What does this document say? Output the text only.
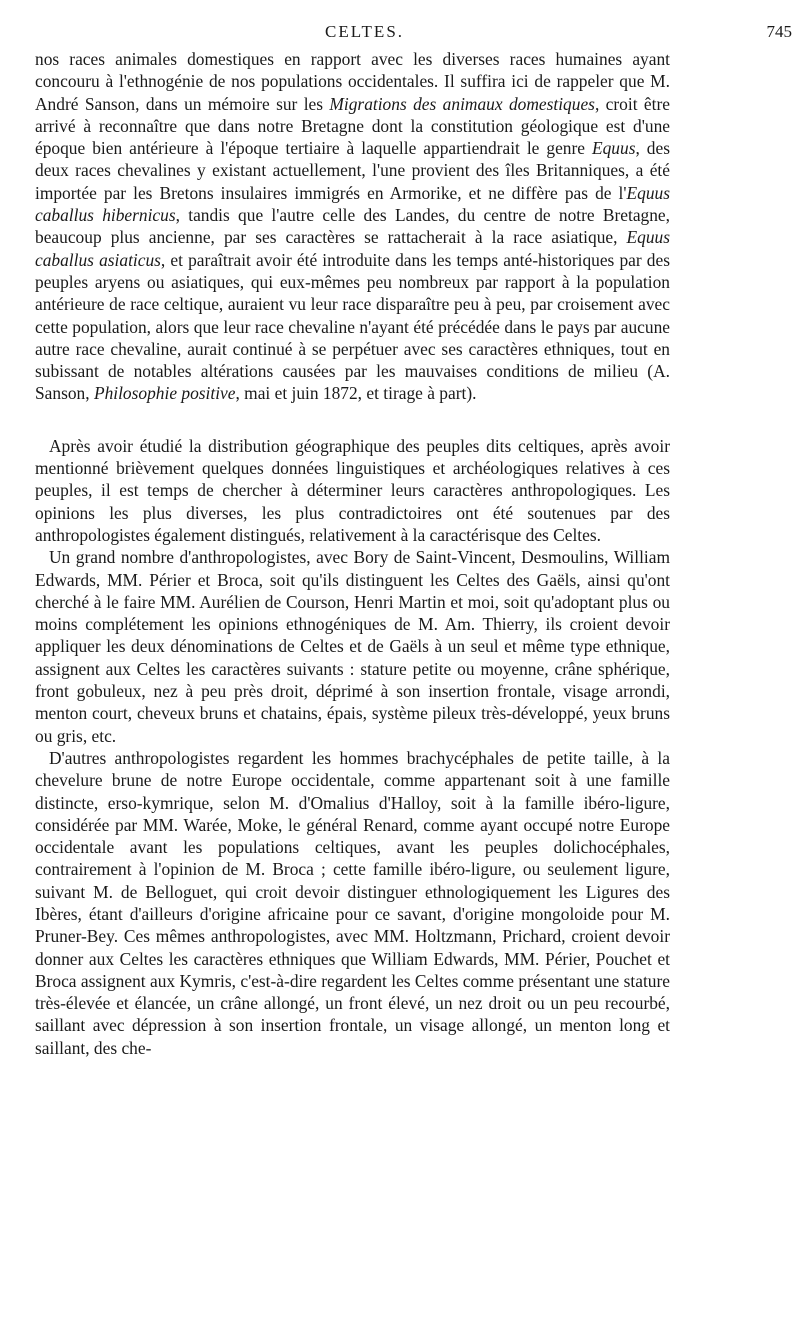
CELTES.	745

nos races animales domestiques en rapport avec les diverses races humaines ayant concouru à l'ethnogénie de nos populations occidentales. Il suffira ici de rappeler que M. André Sanson, dans un mémoire sur les Migrations des animaux domestiques, croit être arrivé à reconnaître que dans notre Bretagne dont la constitution géologique est d'une époque bien antérieure à l'époque tertiaire à laquelle appartiendrait le genre Equus, des deux races chevalines y existant actuellement, l'une provient des îles Britanniques, a été importée par les Bretons insulaires immigrés en Armorike, et ne diffère pas de l'Equus caballus hibernicus, tandis que l'autre celle des Landes, du centre de notre Bretagne, beaucoup plus ancienne, par ses caractères se rattacherait à la race asiatique, Equus caballus asiaticus, et paraîtrait avoir été introduite dans les temps anté-historiques par des peuples aryens ou asiatiques, qui eux-mêmes peu nombreux par rapport à la population antérieure de race celtique, auraient vu leur race disparaître peu à peu, par croisement avec cette population, alors que leur race chevaline n'ayant été précédée dans le pays par aucune autre race chevaline, aurait continué à se perpétuer avec ses caractères ethniques, tout en subissant de notables altérations causées par les mauvaises conditions de milieu (A. Sanson, Philosophie positive, mai et juin 1872, et tirage à part).

Après avoir étudié la distribution géographique des peuples dits celtiques, après avoir mentionné brièvement quelques données linguistiques et archéologiques relatives à ces peuples, il est temps de chercher à déterminer leurs caractères anthropologiques. Les opinions les plus diverses, les plus contradictoires ont été soutenues par des anthropologistes également distingués, relativement à la caractérisque des Celtes.

Un grand nombre d'anthropologistes, avec Bory de Saint-Vincent, Desmoulins, William Edwards, MM. Périer et Broca, soit qu'ils distinguent les Celtes des Gaëls, ainsi qu'ont cherché à le faire MM. Aurélien de Courson, Henri Martin et moi, soit qu'adoptant plus ou moins complétement les opinions ethnogéniques de M. Am. Thierry, ils croient devoir appliquer les deux dénominations de Celtes et de Gaëls à un seul et même type ethnique, assignent aux Celtes les caractères suivants : stature petite ou moyenne, crâne sphérique, front gobuleux, nez à peu près droit, déprimé à son insertion frontale, visage arrondi, menton court, cheveux bruns et chatains, épais, système pileux très-développé, yeux bruns ou gris, etc.

D'autres anthropologistes regardent les hommes brachycéphales de petite taille, à la chevelure brune de notre Europe occidentale, comme appartenant soit à une famille distincte, erso-kymrique, selon M. d'Omalius d'Halloy, soit à la famille ibéro-ligure, considérée par MM. Warée, Moke, le général Renard, comme ayant occupé notre Europe occidentale avant les populations celtiques, avant les peuples dolichocéphales, contrairement à l'opinion de M. Broca ; cette famille ibéro-ligure, ou seulement ligure, suivant M. de Belloguet, qui croit devoir distinguer ethnologiquement les Ligures des Ibères, étant d'ailleurs d'origine africaine pour ce savant, d'origine mongoloide pour M. Pruner-Bey. Ces mêmes anthropologistes, avec MM. Holtzmann, Prichard, croient devoir donner aux Celtes les caractères ethniques que William Edwards, MM. Périer, Pouchet et Broca assignent aux Kymris, c'est-à-dire regardent les Celtes comme présentant une stature très-élevée et élancée, un crâne allongé, un front élevé, un nez droit ou un peu recourbé, saillant avec dépression à son insertion frontale, un visage allongé, un menton long et saillant, des che-
